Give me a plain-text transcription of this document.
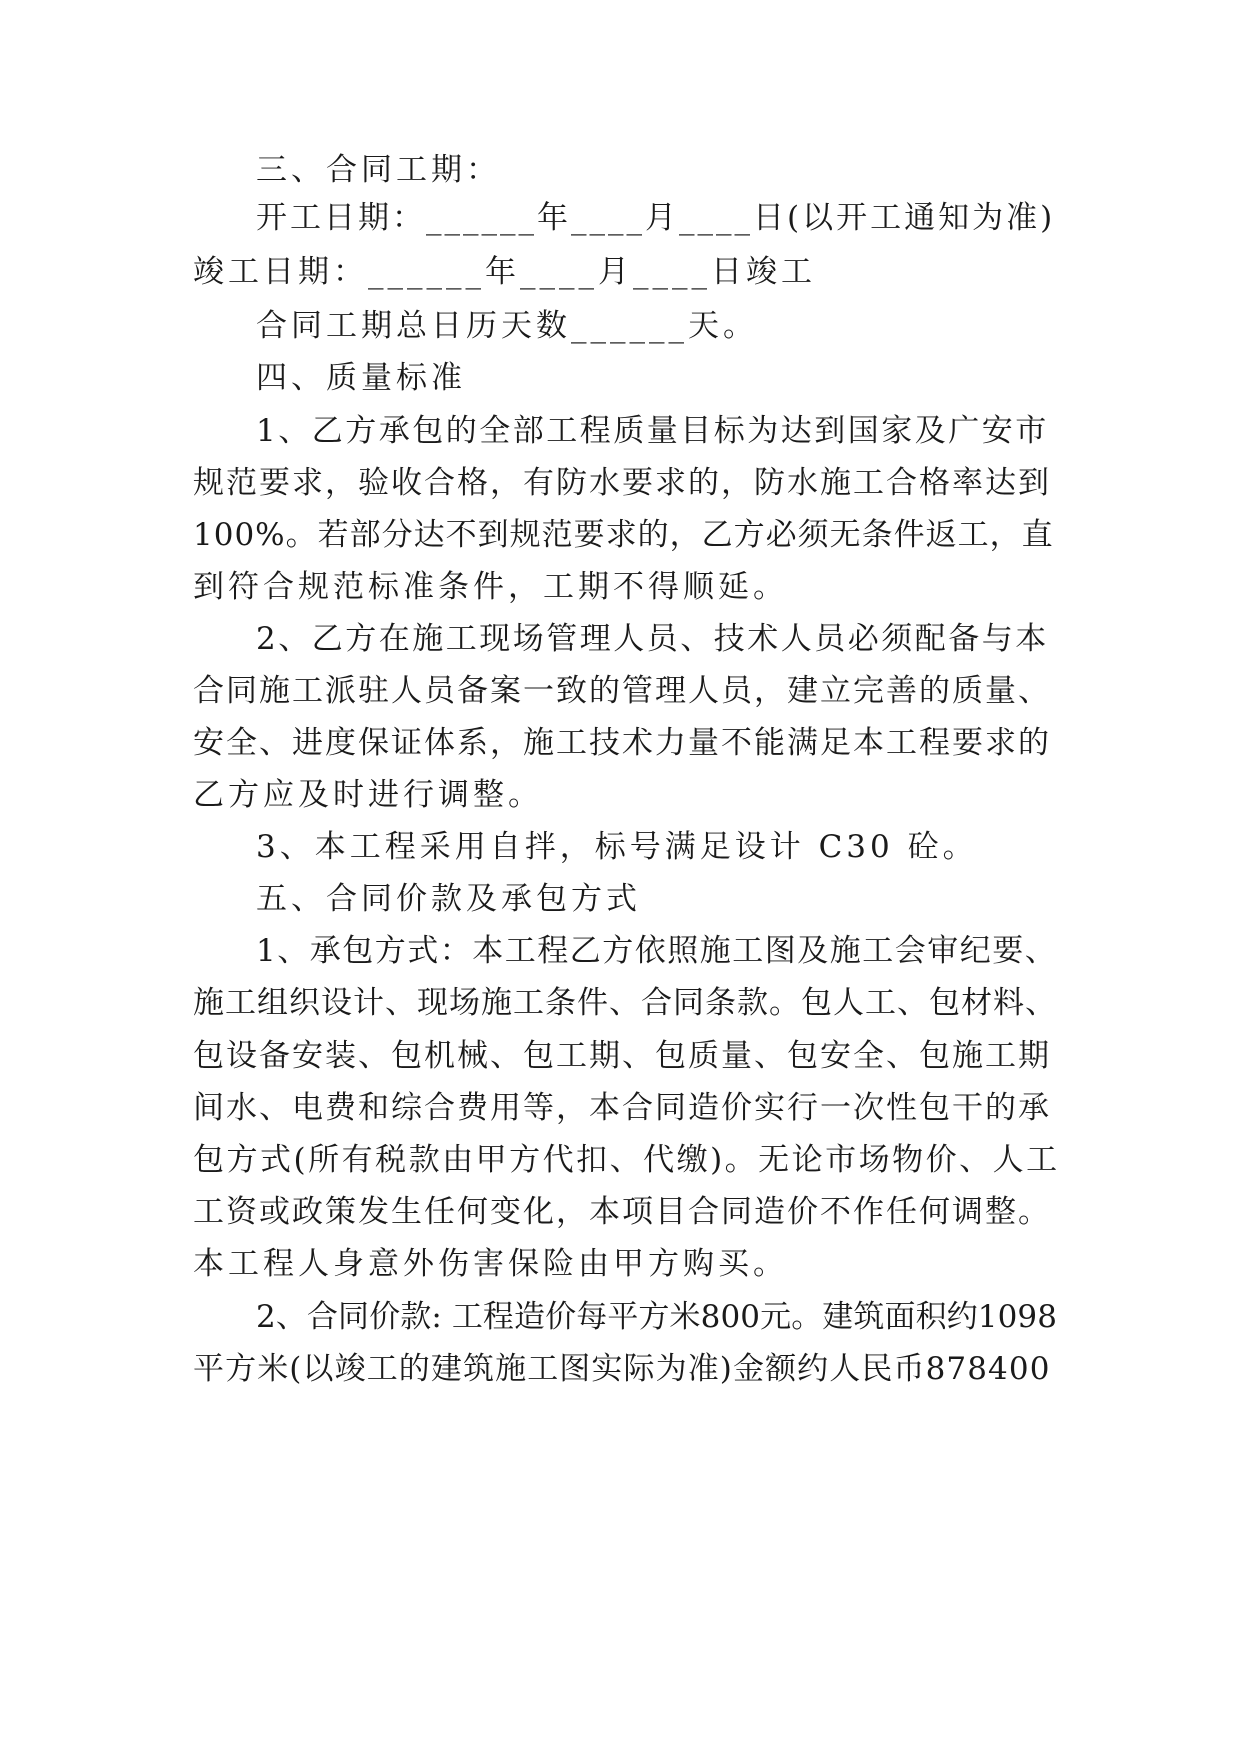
三、合同工期：
开工日期：______年____月____日(以开工通知为准)
竣工日期：______年____月____日竣工
合同工期总日历天数______天。
四、质量标准
1、乙方承包的全部工程质量目标为达到国家及广安市
规范要求，验收合格，有防水要求的，防水施工合格率达到
100%。若部分达不到规范要求的，乙方必须无条件返工，直
到符合规范标准条件，工期不得顺延。
2、乙方在施工现场管理人员、技术人员必须配备与本
合同施工派驻人员备案一致的管理人员，建立完善的质量、
安全、进度保证体系，施工技术力量不能满足本工程要求的
乙方应及时进行调整。
3、本工程采用自拌，标号满足设计 C30 砼。
五、合同价款及承包方式
1、承包方式：本工程乙方依照施工图及施工会审纪要、
施工组织设计、现场施工条件、合同条款。包人工、包材料、
包设备安装、包机械、包工期、包质量、包安全、包施工期
间水、电费和综合费用等，本合同造价实行一次性包干的承
包方式(所有税款由甲方代扣、代缴)。无论市场物价、人工
工资或政策发生任何变化，本项目合同造价不作任何调整。
本工程人身意外伤害保险由甲方购买。
2、合同价款: 工程造价每平方米800元。建筑面积约1098
平方米(以竣工的建筑施工图实际为准)金额约人民币878400
